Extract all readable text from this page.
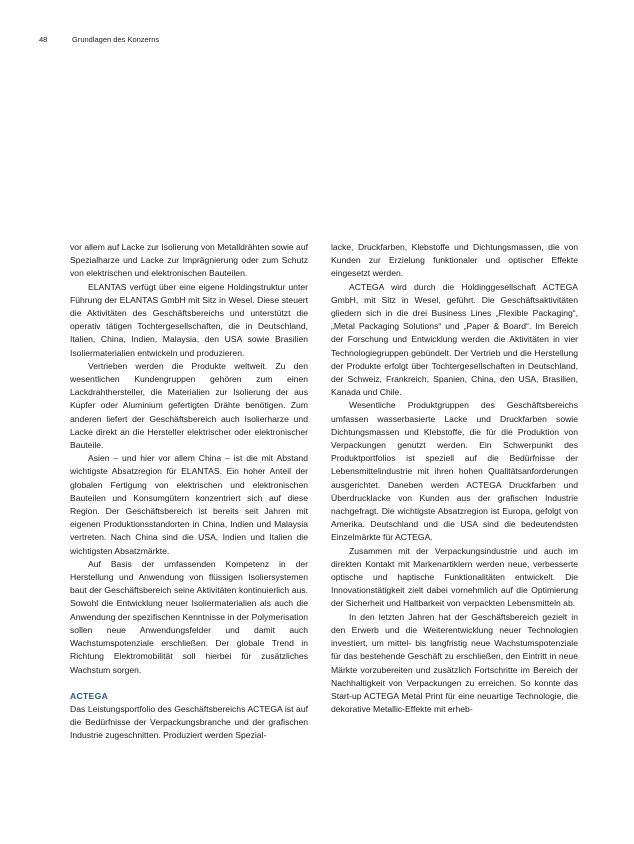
48	Grundlagen des Konzerns

vor allem auf Lacke zur Isolierung von Metalldrähten sowie auf Spezialharze und Lacke zur Imprägnierung oder zum Schutz von elektrischen und elektronischen Bauteilen.

ELANTAS verfügt über eine eigene Holdingstruktur unter Führung der ELANTAS GmbH mit Sitz in Wesel. Diese steuert die Aktivitäten des Geschäftsbereichs und unterstützt die operativ tätigen Tochtergesellschaften, die in Deutschland, Italien, China, Indien, Malaysia, den USA sowie Brasilien Isoliermaterialien entwickeln und produzieren.

Vertrieben werden die Produkte weltweit. Zu den wesentlichen Kundengruppen gehören zum einen Lackdrahthersteller, die Materialien zur Isolierung der aus Kupfer oder Aluminium gefertigten Drähte benötigen. Zum anderen liefert der Geschäftsbereich auch Isolierharze und Lacke direkt an die Hersteller elektrischer oder elektronischer Bauteile.

Asien – und hier vor allem China – ist die mit Abstand wichtigste Absatzregion für ELANTAS. Ein hoher Anteil der globalen Fertigung von elektrischen und elektronischen Bauteilen und Konsumgütern konzentriert sich auf diese Region. Der Geschäftsbereich ist bereits seit Jahren mit eigenen Produktionsstandorten in China, Indien und Malaysia vertreten. Nach China sind die USA, Indien und Italien die wichtigsten Absatzmärkte.

Auf Basis der umfassenden Kompetenz in der Herstellung und Anwendung von flüssigen Isoliersystemen baut der Geschäftsbereich seine Aktivitäten kontinuierlich aus. Sowohl die Entwicklung neuer Isoliermaterialien als auch die Anwendung der spezifischen Kenntnisse in der Polymerisation sollen neue Anwendungsfelder und damit auch Wachstumspotenziale erschließen. Der globale Trend in Richtung Elektromobilität soll hierbei für zusätzliches Wachstum sorgen.

ACTEGA

Das Leistungsportfolio des Geschäftsbereichs ACTEGA ist auf die Bedürfnisse der Verpackungsbranche und der grafischen Industrie zugeschnitten. Produziert werden Spezial-

lacke, Druckfarben, Klebstoffe und Dichtungsmassen, die von Kunden zur Erzielung funktionaler und optischer Effekte eingesetzt werden.

ACTEGA wird durch die Holdinggesellschaft ACTEGA GmbH, mit Sitz in Wesel, geführt. Die Geschäftsaktivitäten gliedern sich in die drei Business Lines „Flexible Packaging“, „Metal Packaging Solutions“ und „Paper & Board“. Im Bereich der Forschung und Entwicklung werden die Aktivitäten in vier Technologiegruppen gebündelt. Der Vertrieb und die Herstellung der Produkte erfolgt über Tochtergesellschaften in Deutschland, der Schweiz, Frankreich, Spanien, China, den USA, Brasilien, Kanada und Chile.

Wesentliche Produktgruppen des Geschäftsbereichs umfassen wasserbasierte Lacke und Druckfarben sowie Dichtungsmassen und Klebstoffe, die für die Produktion von Verpackungen genutzt werden. Ein Schwerpunkt des Produktportfolios ist speziell auf die Bedürfnisse der Lebensmittelindustrie mit ihren hohen Qualitätsanforderungen ausgerichtet. Daneben werden ACTEGA Druckfarben und Überdrucklacke von Kunden aus der grafischen Industrie nachgefragt. Die wichtigste Absatzregion ist Europa, gefolgt von Amerika. Deutschland und die USA sind die bedeutendsten Einzelmärkte für ACTEGA.

Zusammen mit der Verpackungsindustrie und auch im direkten Kontakt mit Markenartiklern werden neue, verbesserte optische und haptische Funktionalitäten entwickelt. Die Innovationstätigkeit zielt dabei vornehmlich auf die Optimierung der Sicherheit und Haltbarkeit von verpackten Lebensmitteln ab.

In den letzten Jahren hat der Geschäftsbereich gezielt in den Erwerb und die Weiterentwicklung neuer Technologien investiert, um mittel- bis langfristig neue Wachstumspotenziale für das bestehende Geschäft zu erschließen, den Eintritt in neue Märkte vorzubereiten und zusätzlich Fortschritte im Bereich der Nachhaltigkeit von Verpackungen zu erreichen. So konnte das Start-up ACTEGA Metal Print für eine neuartige Technologie, die dekorative Metallic-Effekte mit erheb-
